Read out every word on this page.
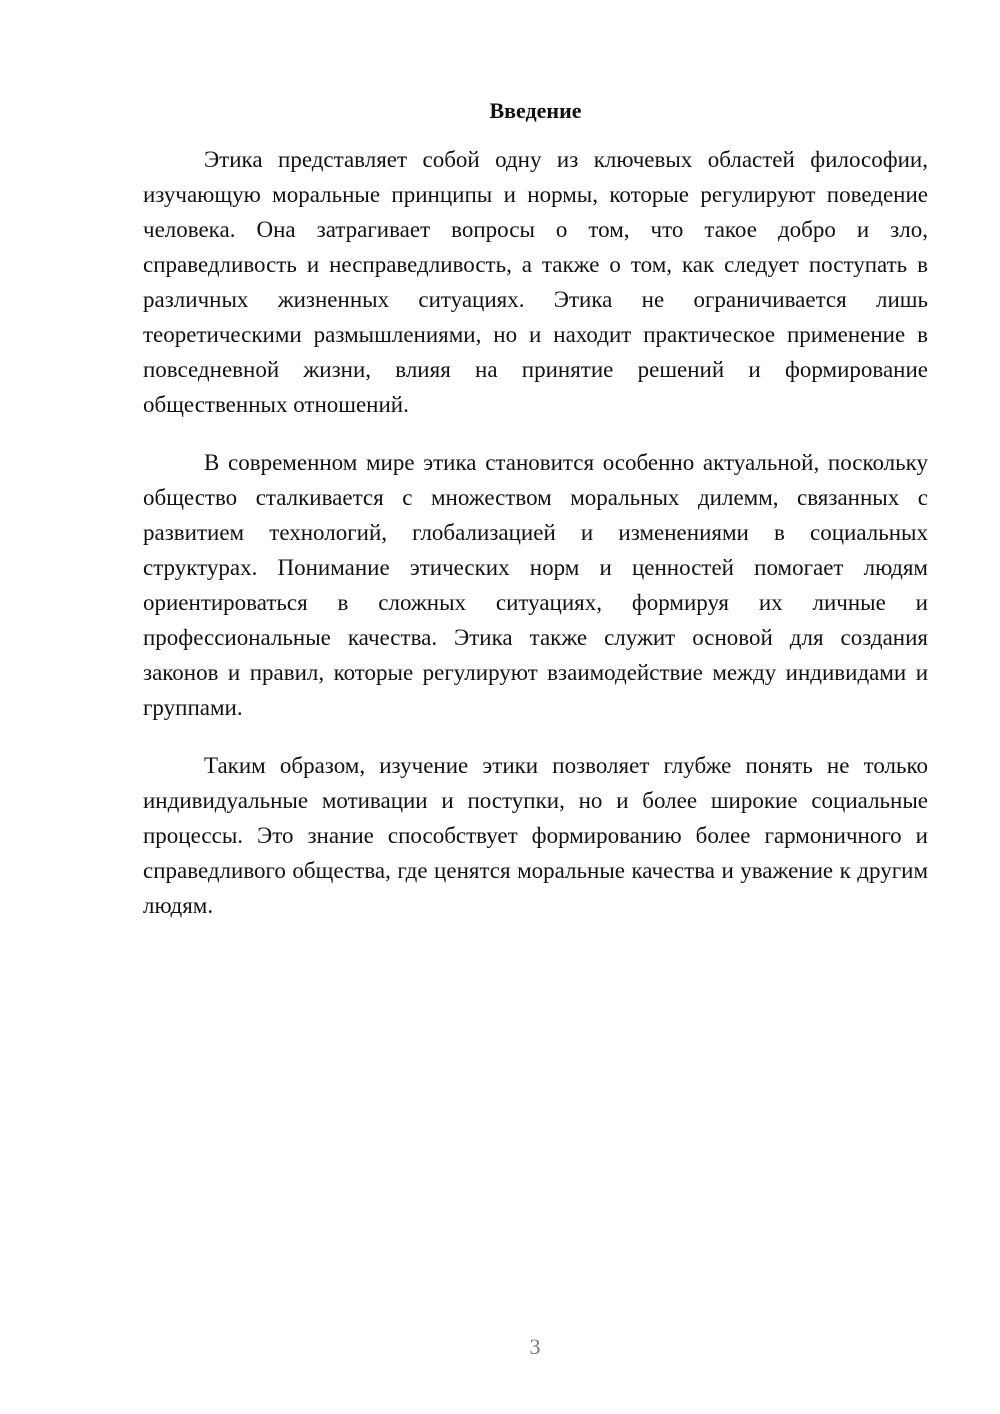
Введение

Этика представляет собой одну из ключевых областей философии, изучающую моральные принципы и нормы, которые регулируют поведение человека. Она затрагивает вопросы о том, что такое добро и зло, справедливость и несправедливость, а также о том, как следует поступать в различных жизненных ситуациях. Этика не ограничивается лишь теоретическими размышлениями, но и находит практическое применение в повседневной жизни, влияя на принятие решений и формирование общественных отношений.

В современном мире этика становится особенно актуальной, поскольку общество сталкивается с множеством моральных дилемм, связанных с развитием технологий, глобализацией и изменениями в социальных структурах. Понимание этических норм и ценностей помогает людям ориентироваться в сложных ситуациях, формируя их личные и профессиональные качества. Этика также служит основой для создания законов и правил, которые регулируют взаимодействие между индивидами и группами.

Таким образом, изучение этики позволяет глубже понять не только индивидуальные мотивации и поступки, но и более широкие социальные процессы. Это знание способствует формированию более гармоничного и справедливого общества, где ценятся моральные качества и уважение к другим людям.

3
